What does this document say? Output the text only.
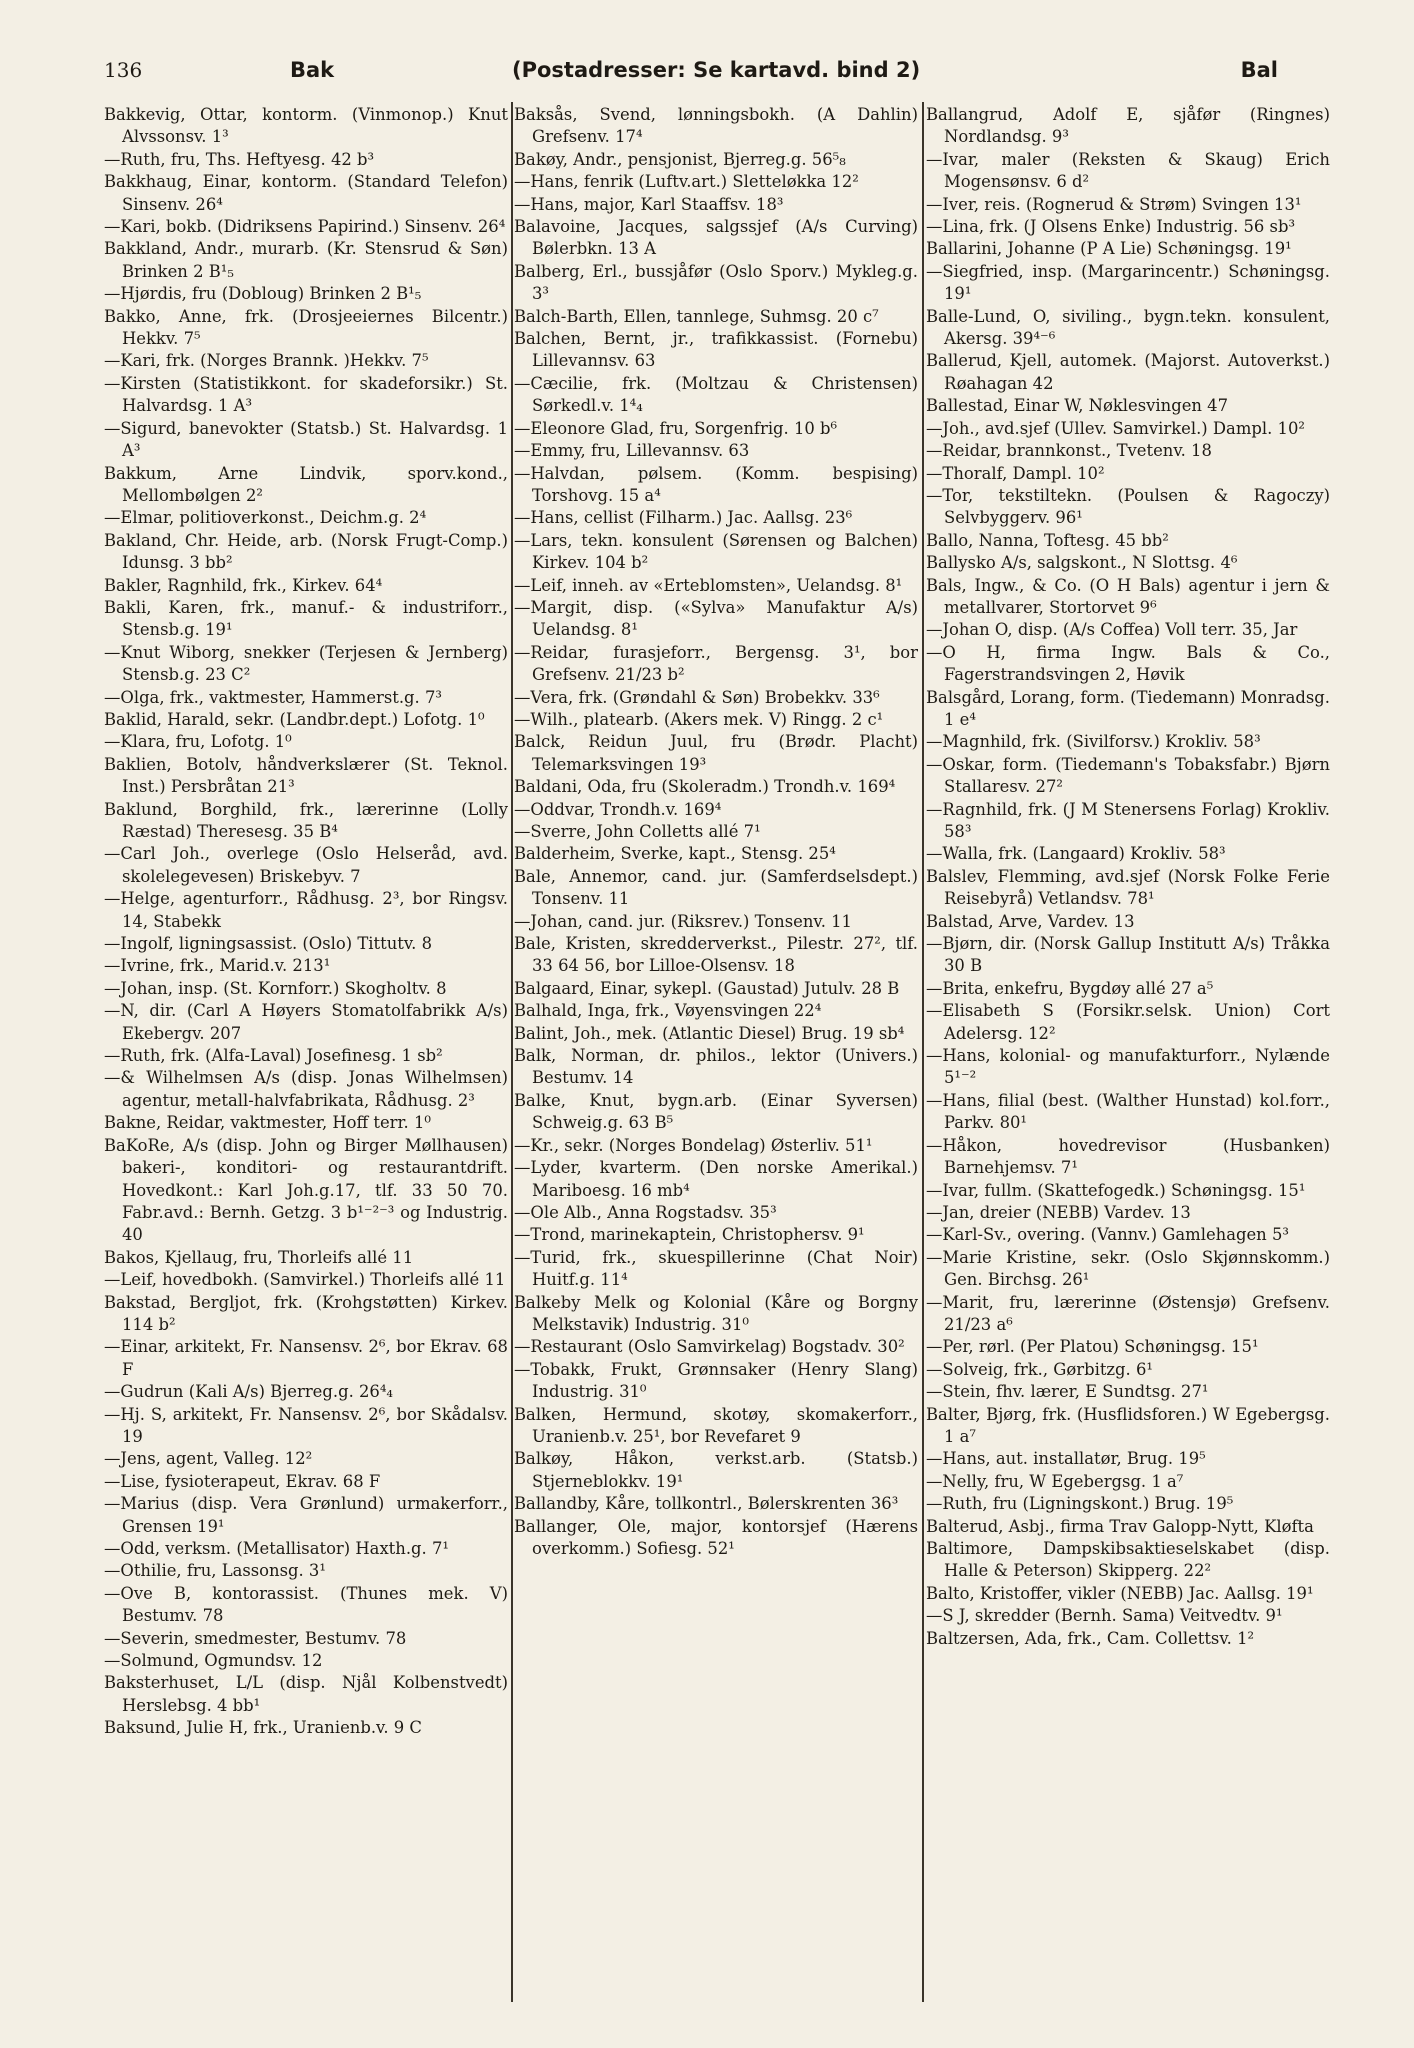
136	Bak	(Postadresser: Se kartavd. bind 2)	Bal

Bakkevig, Ottar, kontorm. (Vinmonop.) Knut Alvssonsv. 1³

—Ruth, fru, Ths. Heftyesg. 42 b³

Bakkhaug, Einar, kontorm. (Standard Telefon) Sinsenv. 26⁴

—Kari, bokb. (Didriksens Papirind.) Sinsenv. 26⁴

Bakkland, Andr., murarb. (Kr. Stensrud & Søn) Brinken 2 B¹₅

—Hjørdis, fru (Dobloug) Brinken 2 B¹₅

Bakko, Anne, frk. (Drosjeeiernes Bilcentr.) Hekkv. 7⁵

—Kari, frk. (Norges Brannk. )Hekkv. 7⁵

—Kirsten (Statistikkont. for skadeforsikr.) St. Halvardsg. 1 A³

—Sigurd, banevokter (Statsb.) St. Halvardsg. 1 A³

Bakkum, Arne Lindvik, sporv.kond., Mellombølgen 2²

—Elmar, politioverkonst., Deichm.g. 2⁴

Bakland, Chr. Heide, arb. (Norsk Frugt-Comp.) Idunsg. 3 bb²

Bakler, Ragnhild, frk., Kirkev. 64⁴

Bakli, Karen, frk., manuf.- & industriforr., Stensb.g. 19¹

—Knut Wiborg, snekker (Terjesen & Jernberg) Stensb.g. 23 C²

—Olga, frk., vaktmester, Hammerst.g. 7³

Baklid, Harald, sekr. (Landbr.dept.) Lofotg. 1⁰

—Klara, fru, Lofotg. 1⁰

Baklien, Botolv, håndverkslærer (St. Teknol. Inst.) Persbråtan 21³

Baklund, Borghild, frk., lærerinne (Lolly Ræstad) Theresesg. 35 B⁴

—Carl Joh., overlege (Oslo Helseråd, avd. skolelegevesen) Briskebyv. 7

—Helge, agenturforr., Rådhusg. 2³, bor Ringsv. 14, Stabekk

—Ingolf, ligningsassist. (Oslo) Tittutv. 8

—Ivrine, frk., Marid.v. 213¹

—Johan, insp. (St. Kornforr.) Skogholtv. 8

—N, dir. (Carl A Høyers Stomatolfabrikk A/s) Ekebergv. 207

—Ruth, frk. (Alfa-Laval) Josefinesg. 1 sb²

—& Wilhelmsen A/s (disp. Jonas Wilhelmsen) agentur, metall-halvfabrikata, Rådhusg. 2³

Bakne, Reidar, vaktmester, Hoff terr. 1⁰

BaKoRe, A/s (disp. John og Birger Møllhausen) bakeri-, konditori- og restaurantdrift. Hovedkont.: Karl Joh.g.17, tlf. 33 50 70. Fabr.avd.: Bernh. Getzg. 3 b¹⁻²⁻³ og Industrig. 40

Bakos, Kjellaug, fru, Thorleifs allé 11

—Leif, hovedbokh. (Samvirkel.) Thorleifs allé 11

Bakstad, Bergljot, frk. (Krohgstøtten) Kirkev. 114 b²

—Einar, arkitekt, Fr. Nansensv. 2⁶, bor Ekrav. 68 F

—Gudrun (Kali A/s) Bjerreg.g. 26⁴₄

—Hj. S, arkitekt, Fr. Nansensv. 2⁶, bor Skådalsv. 19

—Jens, agent, Valleg. 12²

—Lise, fysioterapeut, Ekrav. 68 F

—Marius (disp. Vera Grønlund) urmakerforr., Grensen 19¹

—Odd, verksm. (Metallisator) Haxth.g. 7¹

—Othilie, fru, Lassonsg. 3¹

—Ove B, kontorassist. (Thunes mek. V) Bestumv. 78

—Severin, smedmester, Bestumv. 78

—Solmund, Ogmundsv. 12

Baksterhuset, L/L (disp. Njål Kolbenstvedt) Herslebsg. 4 bb¹

Baksund, Julie H, frk., Uranienb.v. 9 C

Baksås, Svend, lønningsbokh. (A Dahlin) Grefsenv. 17⁴

Bakøy, Andr., pensjonist, Bjerreg.g. 56⁵₈

—Hans, fenrik (Luftv.art.) Sletteløkka 12²

—Hans, major, Karl Staaffsv. 18³

Balavoine, Jacques, salgssjef (A/s Curving) Bølerbkn. 13 A

Balberg, Erl., bussjåfør (Oslo Sporv.) Mykleg.g. 3³

Balch-Barth, Ellen, tannlege, Suhmsg. 20 c⁷

Balchen, Bernt, jr., trafikkassist. (Fornebu) Lillevannsv. 63

—Cæcilie, frk. (Moltzau & Christensen) Sørkedl.v. 1⁴₄

—Eleonore Glad, fru, Sorgenfrig. 10 b⁶

—Emmy, fru, Lillevannsv. 63

—Halvdan, pølsem. (Komm. bespising) Torshovg. 15 a⁴

—Hans, cellist (Filharm.) Jac. Aallsg. 23⁶

—Lars, tekn. konsulent (Sørensen og Balchen) Kirkev. 104 b²

—Leif, inneh. av «Erteblomsten», Uelandsg. 8¹

—Margit, disp. («Sylva» Manufaktur A/s) Uelandsg. 8¹

—Reidar, furasjeforr., Bergensg. 3¹, bor Grefsenv. 21/23 b²

—Vera, frk. (Grøndahl & Søn) Brobekkv. 33⁶

—Wilh., platearb. (Akers mek. V) Ringg. 2 c¹

Balck, Reidun Juul, fru (Brødr. Placht) Telemarksvingen 19³

Baldani, Oda, fru (Skoleradm.) Trondh.v. 169⁴

—Oddvar, Trondh.v. 169⁴

—Sverre, John Colletts allé 7¹

Balderheim, Sverke, kapt., Stensg. 25⁴

Bale, Annemor, cand. jur. (Samferdselsdept.) Tonsenv. 11

—Johan, cand. jur. (Riksrev.) Tonsenv. 11

Bale, Kristen, skredderverkst., Pilestr. 27², tlf. 33 64 56, bor Lilloe-Olsensv. 18

Balgaard, Einar, sykepl. (Gaustad) Jutulv. 28 B

Balhald, Inga, frk., Vøyensvingen 22⁴

Balint, Joh., mek. (Atlantic Diesel) Brug. 19 sb⁴

Balk, Norman, dr. philos., lektor (Univers.) Bestumv. 14

Balke, Knut, bygn.arb. (Einar Syversen) Schweig.g. 63 B⁵

—Kr., sekr. (Norges Bondelag) Østerliv. 51¹

—Lyder, kvarterm. (Den norske Amerikal.) Mariboesg. 16 mb⁴

—Ole Alb., Anna Rogstadsv. 35³

—Trond, marinekaptein, Christophersv. 9¹

—Turid, frk., skuespillerinne (Chat Noir) Huitf.g. 11⁴

Balkeby Melk og Kolonial (Kåre og Borgny Melkstavik) Industrig. 31⁰

—Restaurant (Oslo Samvirkelag) Bogstadv. 30²

—Tobakk, Frukt, Grønnsaker (Henry Slang) Industrig. 31⁰

Balken, Hermund, skotøy, skomakerforr., Uranienb.v. 25¹, bor Revefaret 9

Balkøy, Håkon, verkst.arb. (Statsb.) Stjerneblokkv. 19¹

Ballandby, Kåre, tollkontrl., Bølerskrenten 36³

Ballanger, Ole, major, kontorsjef (Hærens overkomm.) Sofiesg. 52¹

Ballangrud, Adolf E, sjåfør (Ringnes) Nordlandsg. 9³

—Ivar, maler (Reksten & Skaug) Erich Mogensønsv. 6 d²

—Iver, reis. (Rognerud & Strøm) Svingen 13¹

—Lina, frk. (J Olsens Enke) Industrig. 56 sb³

Ballarini, Johanne (P A Lie) Schøningsg. 19¹

—Siegfried, insp. (Margarincentr.) Schøningsg. 19¹

Balle-Lund, O, siviling., bygn.tekn. konsulent, Akersg. 39⁴⁻⁶

Ballerud, Kjell, automek. (Majorst. Autoverkst.) Røahagan 42

Ballestad, Einar W, Nøklesvingen 47

—Joh., avd.sjef (Ullev. Samvirkel.) Dampl. 10²

—Reidar, brannkonst., Tvetenv. 18

—Thoralf, Dampl. 10²

—Tor, tekstiltekn. (Poulsen & Ragoczy) Selvbyggerv. 96¹

Ballo, Nanna, Toftesg. 45 bb²

Ballysko A/s, salgskont., N Slottsg. 4⁶

Bals, Ingw., & Co. (O H Bals) agentur i jern & metallvarer, Stortorvet 9⁶

—Johan O, disp. (A/s Coffea) Voll terr. 35, Jar

—O H, firma Ingw. Bals & Co., Fagerstrandsvingen 2, Høvik

Balsgård, Lorang, form. (Tiedemann) Monradsg. 1 e⁴

—Magnhild, frk. (Sivilforsv.) Krokliv. 58³

—Oskar, form. (Tiedemann's Tobaksfabr.) Bjørn Stallaresv. 27²

—Ragnhild, frk. (J M Stenersens Forlag) Krokliv. 58³

—Walla, frk. (Langaard) Krokliv. 58³

Balslev, Flemming, avd.sjef (Norsk Folke Ferie Reisebyrå) Vetlandsv. 78¹

Balstad, Arve, Vardev. 13

—Bjørn, dir. (Norsk Gallup Institutt A/s) Tråkka 30 B

—Brita, enkefru, Bygdøy allé 27 a⁵

—Elisabeth S (Forsikr.selsk. Union) Cort Adelersg. 12²

—Hans, kolonial- og manufakturforr., Nylænde 5¹⁻²

—Hans, filial (best. (Walther Hunstad) kol.forr., Parkv. 80¹

—Håkon, hovedrevisor (Husbanken) Barnehjemsv. 7¹

—Ivar, fullm. (Skattefogedk.) Schøningsg. 15¹

—Jan, dreier (NEBB) Vardev. 13

—Karl-Sv., overing. (Vannv.) Gamlehagen 5³

—Marie Kristine, sekr. (Oslo Skjønnskomm.) Gen. Birchsg. 26¹

—Marit, fru, lærerinne (Østensjø) Grefsenv. 21/23 a⁶

—Per, rørl. (Per Platou) Schøningsg. 15¹

—Solveig, frk., Gørbitzg. 6¹

—Stein, fhv. lærer, E Sundtsg. 27¹

Balter, Bjørg, frk. (Husflidsforen.) W Egebergsg. 1 a⁷

—Hans, aut. installatør, Brug. 19⁵

—Nelly, fru, W Egebergsg. 1 a⁷

—Ruth, fru (Ligningskont.) Brug. 19⁵

Balterud, Asbj., firma Trav Galopp-Nytt, Kløfta

Baltimore, Dampskibsaktieselskabet (disp. Halle & Peterson) Skipperg. 22²

Balto, Kristoffer, vikler (NEBB) Jac. Aallsg. 19¹

—S J, skredder (Bernh. Sama) Veitvedtv. 9¹

Baltzersen, Ada, frk., Cam. Collettsv. 1²
